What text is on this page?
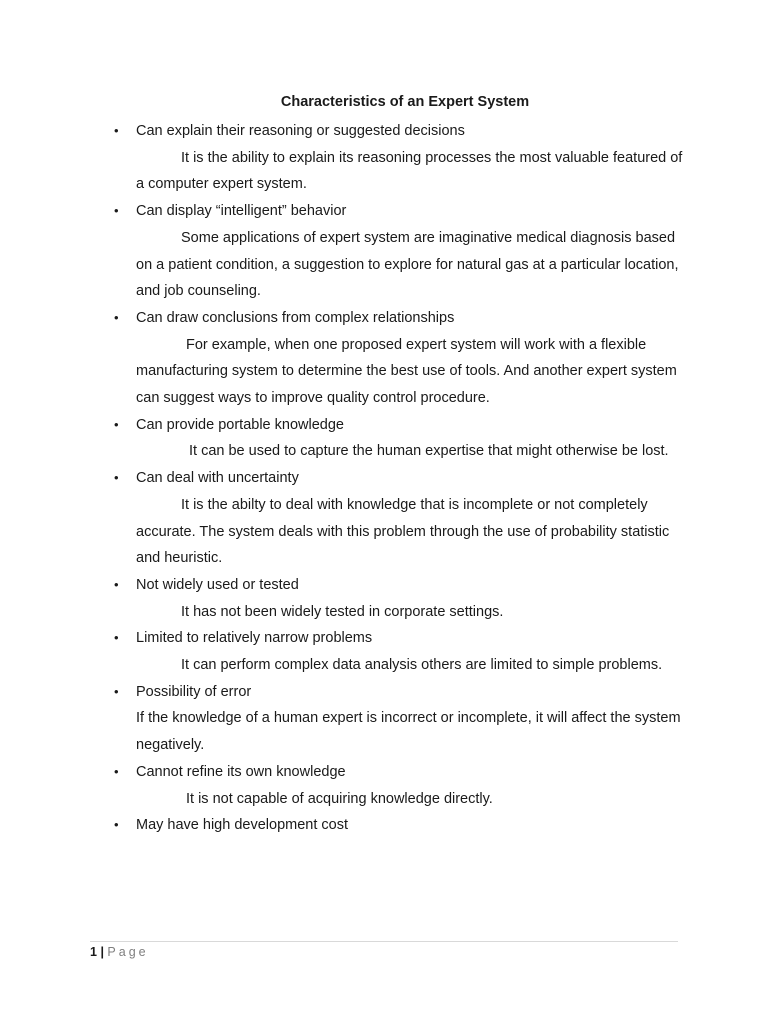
Characteristics of an Expert System
• Can explain their reasoning or suggested decisions
It is the ability to explain its reasoning processes the most valuable featured of a computer expert system.
• Can display “intelligent” behavior
Some applications of expert system are imaginative medical diagnosis based on a patient condition, a suggestion to explore for natural gas at a particular location, and job counseling.
• Can draw conclusions from complex relationships
For example, when one proposed expert system will work with a flexible manufacturing system to determine the best use of tools. And another expert system can suggest ways to improve quality control procedure.
• Can provide portable knowledge
It can be used to capture the human expertise that might otherwise be lost.
• Can deal with uncertainty
It is the abilty to deal with knowledge that is incomplete or not completely accurate. The system deals with this problem through the use of probability statistic and heuristic.
• Not widely used or tested
It has not been widely tested in corporate settings.
• Limited to relatively narrow problems
It can perform complex data analysis others are limited to simple problems.
• Possibility of error
If the knowledge of a human expert is incorrect or incomplete, it will affect the system negatively.
• Cannot refine its own knowledge
It is not capable of acquiring knowledge directly.
• May have high development cost
1 | Page
